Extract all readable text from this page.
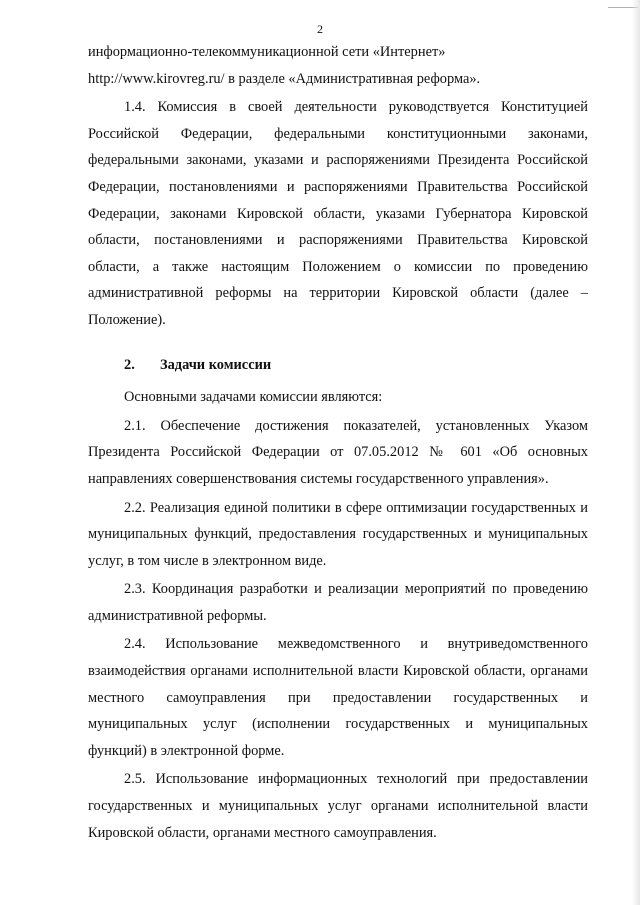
2

информационно-телекоммуникационной сети «Интернет»

http://www.kirovreg.ru/ в разделе «Административная реформа».

1.4. Комиссия в своей деятельности руководствуется Конституцией Российской Федерации, федеральными конституционными законами, федеральными законами, указами и распоряжениями Президента Российской Федерации, постановлениями и распоряжениями Правительства Российской Федерации, законами Кировской области, указами Губернатора Кировской области, постановлениями и распоряжениями Правительства Кировской области, а также настоящим Положением о комиссии по проведению административной реформы на территории Кировской области (далее – Положение).

2. Задачи комиссии

Основными задачами комиссии являются:

2.1. Обеспечение достижения показателей, установленных Указом Президента Российской Федерации от 07.05.2012 № 601 «Об основных направлениях совершенствования системы государственного управления».

2.2. Реализация единой политики в сфере оптимизации государственных и муниципальных функций, предоставления государственных и муниципальных услуг, в том числе в электронном виде.

2.3. Координация разработки и реализации мероприятий по проведению административной реформы.

2.4. Использование межведомственного и внутриведомственного взаимодействия органами исполнительной власти Кировской области, органами местного самоуправления при предоставлении государственных и муниципальных услуг (исполнении государственных и муниципальных функций) в электронной форме.

2.5. Использование информационных технологий при предоставлении государственных и муниципальных услуг органами исполнительной власти Кировской области, органами местного самоуправления.
